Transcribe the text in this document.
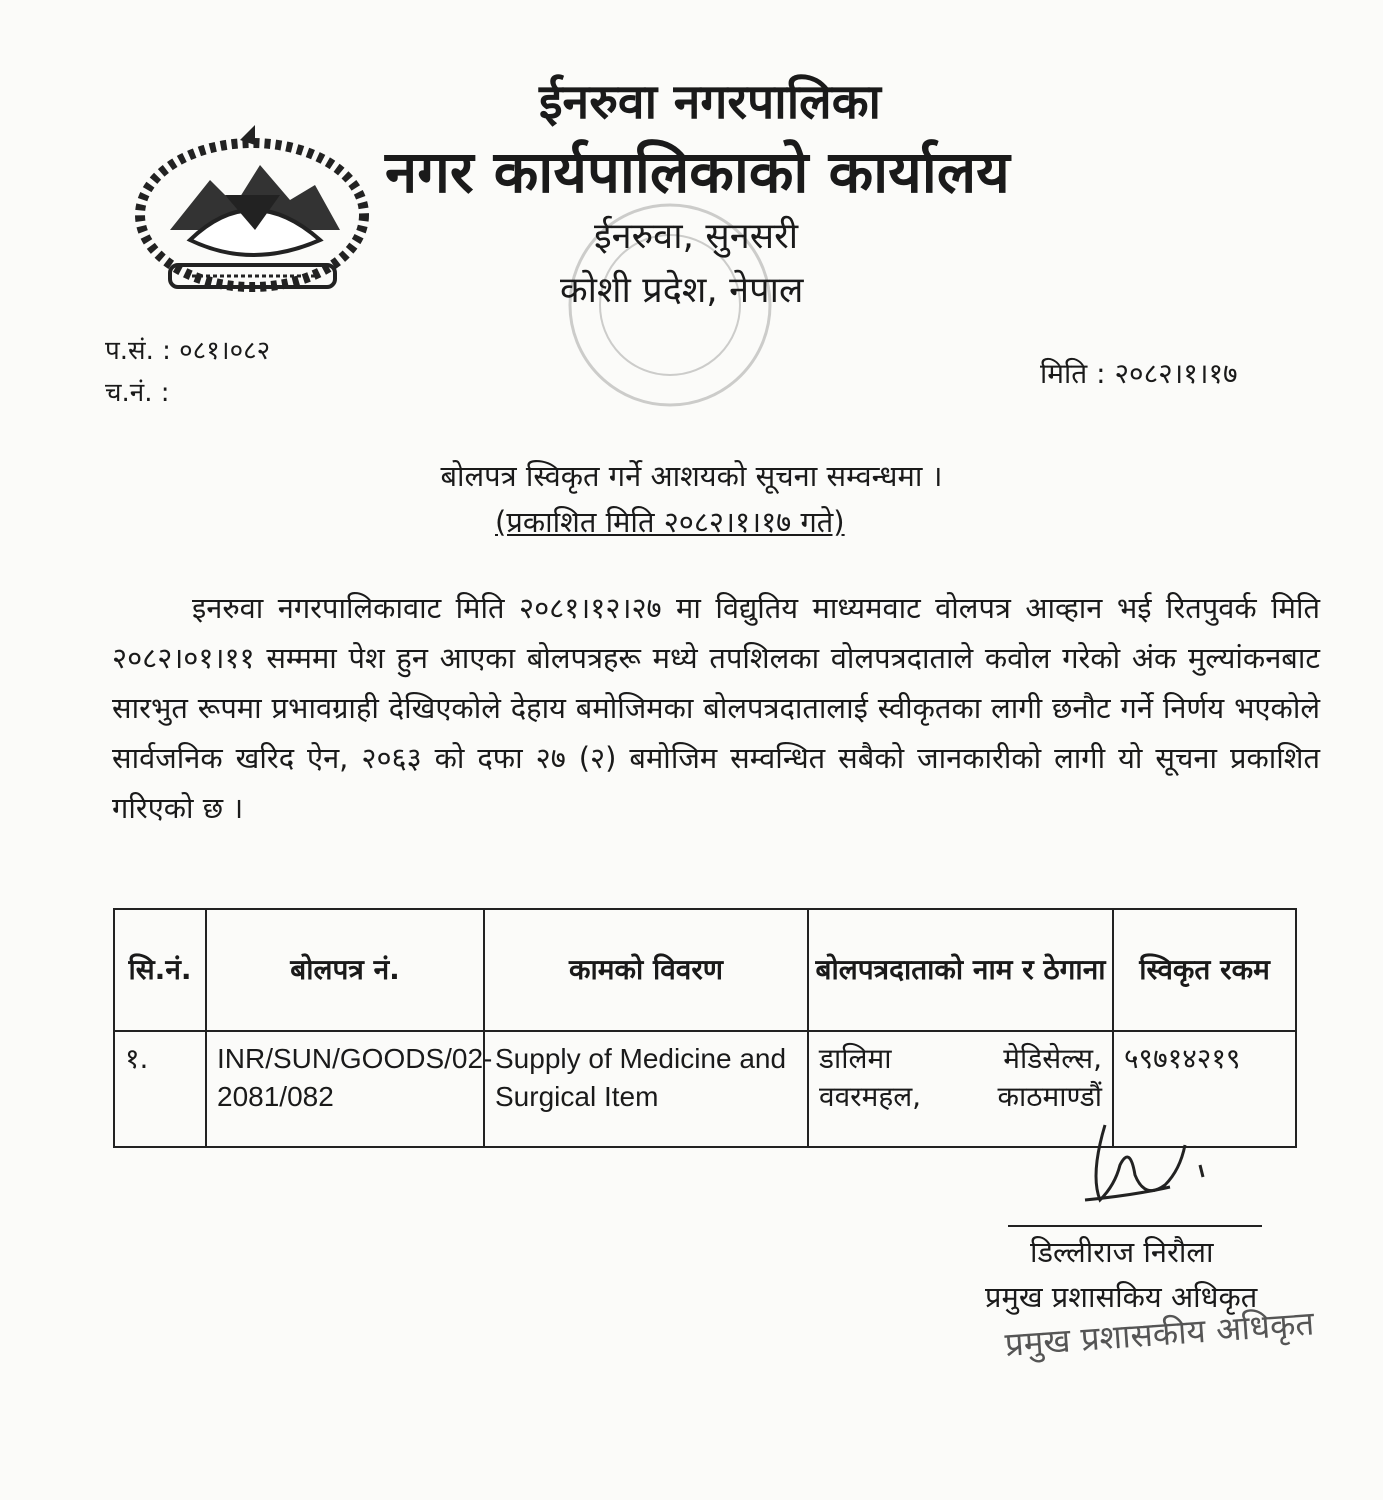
ईनरुवा नगरपालिका
नगर कार्यपालिकाको कार्यालय
ईनरुवा, सुनसरी
कोशी प्रदेश, नेपाल
प.सं. : ०८१।०८२
च.नं. :
मिति : २०८२।१।१७
बोलपत्र स्विकृत गर्ने आशयको सूचना सम्वन्धमा ।
(प्रकाशित मिति २०८२।१।१७ गते)
इनरुवा नगरपालिकावाट मिति २०८१।१२।२७ मा विद्युतिय माध्यमवाट वोलपत्र आव्हान भई रितपुवर्क मिति २०८२।०१।११ सम्ममा पेश हुन आएका बोलपत्रहरू मध्ये तपशिलका वोलपत्रदाताले कवोल गरेको अंक मुल्यांकनबाट सारभुत रूपमा प्रभावग्राही देखिएकोले देहाय बमोजिमका बोलपत्रदातालाई स्वीकृतका लागी छनौट गर्ने निर्णय भएकोले सार्वजनिक खरिद ऐन, २०६३ को दफा २७ (२) बमोजिम सम्वन्धित सबैको जानकारीको लागी यो सूचना प्रकाशित गरिएको छ ।
सि.नं.	बोलपत्र नं.	कामको विवरण	बोलपत्रदाताको नाम र ठेगाना	स्विकृत रकम
१.	INR/SUN/GOODS/02-2081/082	Supply of Medicine and Surgical Item	डालिमा मेडिसेल्स, ववरमहल, काठमाण्डौं	५९७१४२१९
डिल्लीराज निरौला
प्रमुख प्रशासकिय अधिकृत
प्रमुख प्रशासकीय अधिकृत
